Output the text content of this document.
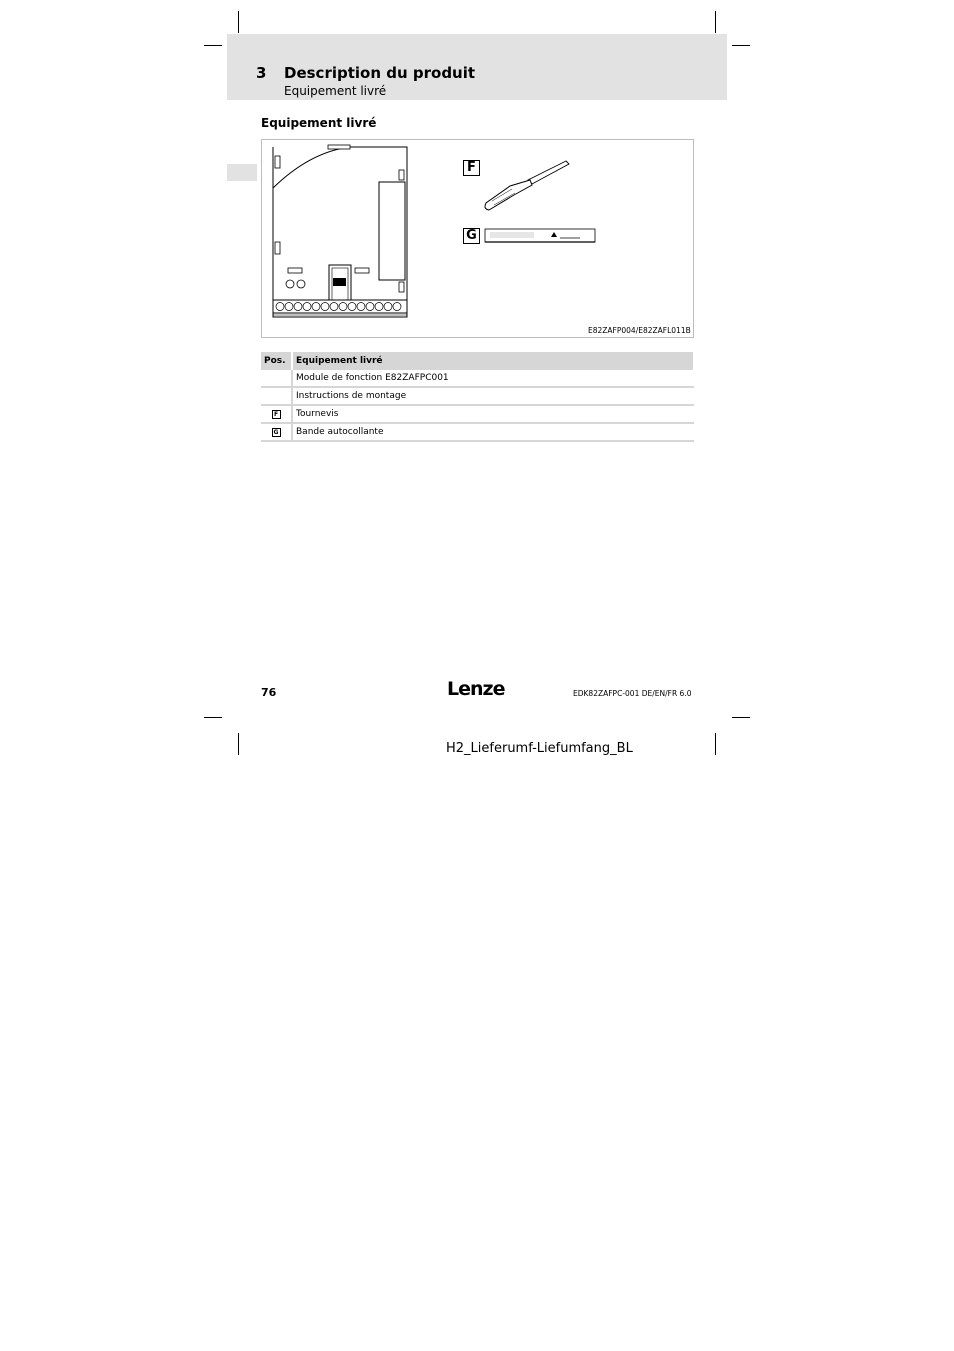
3 Description du produit
Equipement livré
Equipement livré
F
G
E82ZAFP004/E82ZAFL011B
Pos.	Equipement livré
	Module de fonction E82ZAFPC001
	Instructions de montage
F	Tournevis
G	Bande autocollante
76	Lenze	EDK82ZAFPC-001 DE/EN/FR 6.0
H2_Lieferumf-Liefumfang_BL
